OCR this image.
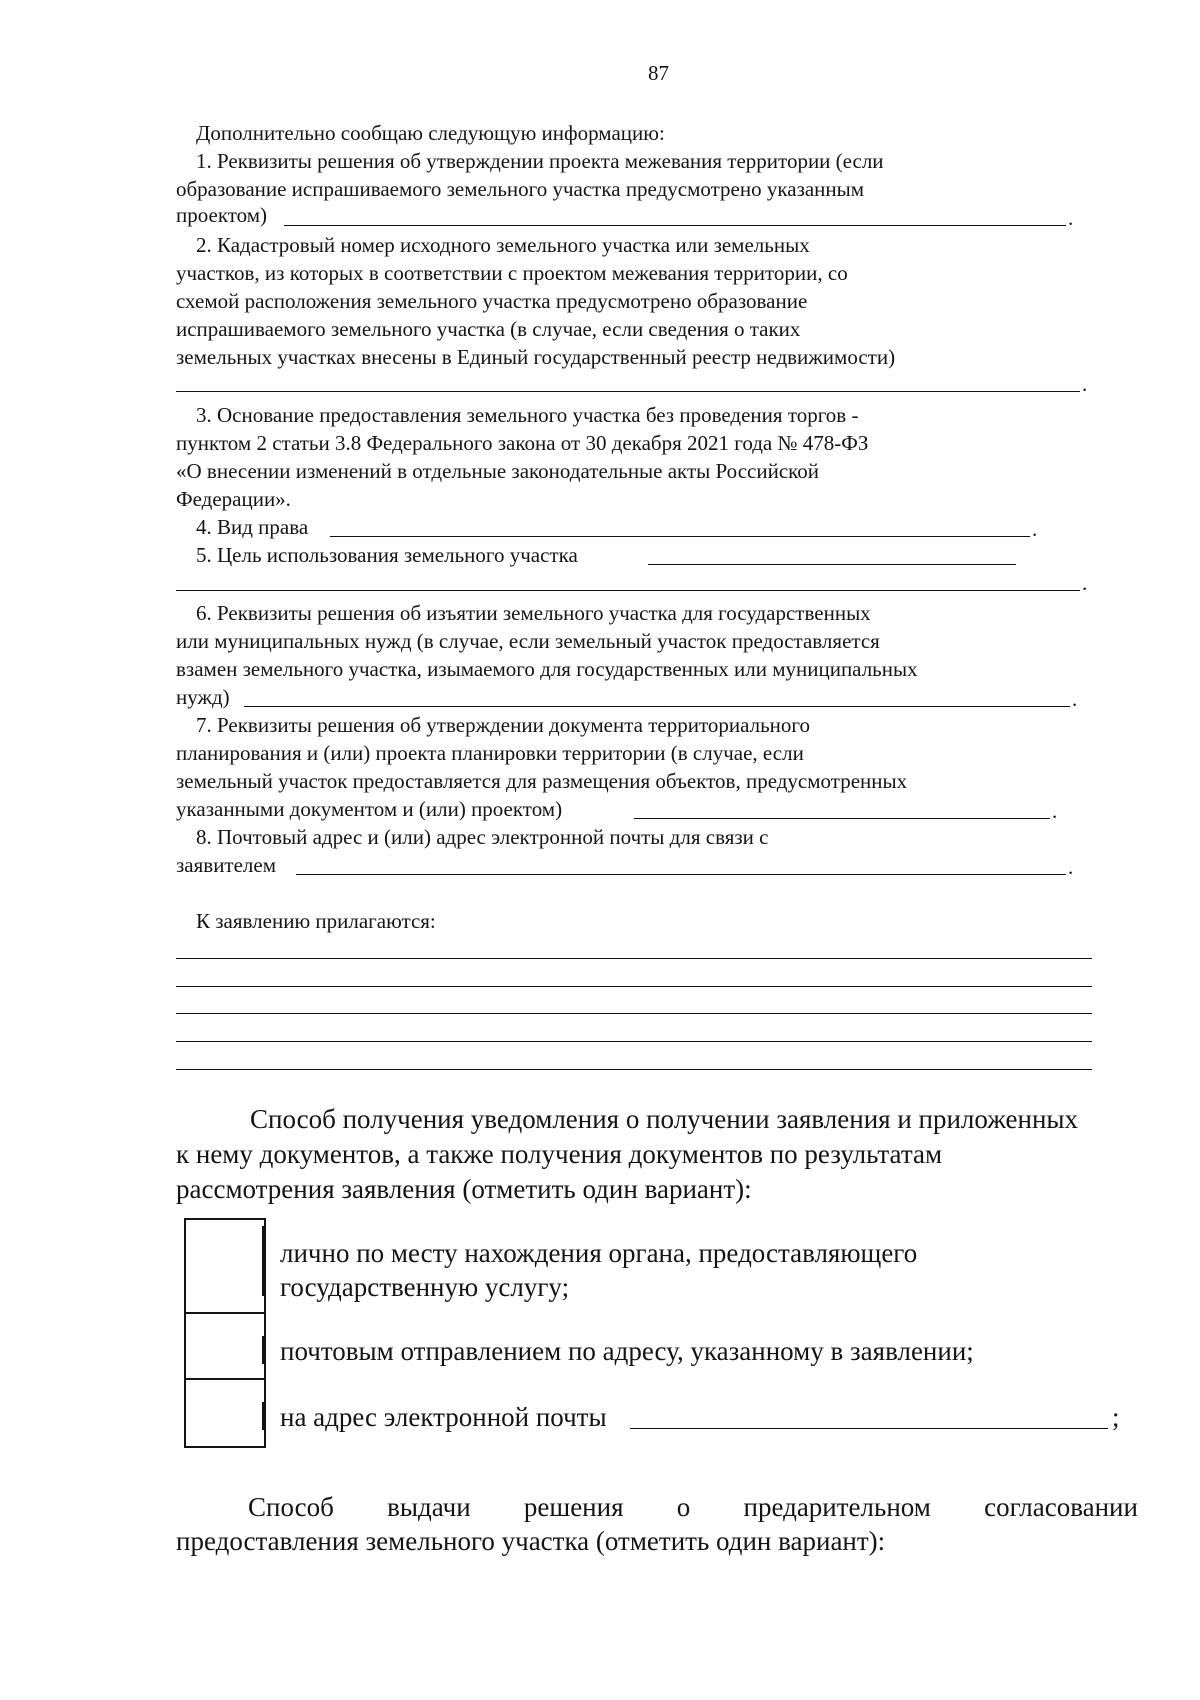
87
Дополнительно сообщаю следующую информацию:
1. Реквизиты решения об утверждении проекта межевания территории (если
образование испрашиваемого земельного участка предусмотрено указанным
проектом)	.
2. Кадастровый номер исходного земельного участка или земельных
участков, из которых в соответствии с проектом межевания территории, со
схемой расположения земельного участка предусмотрено образование
испрашиваемого земельного участка (в случае, если сведения о таких
земельных участках внесены в Единый государственный реестр недвижимости)
.
3. Основание предоставления земельного участка без проведения торгов -
пунктом 2 статьи 3.8 Федерального закона от 30 декабря 2021 года № 478-ФЗ
«О внесении изменений в отдельные законодательные акты Российской
Федерации».
4. Вид права	.
5. Цель использования земельного участка
.
6. Реквизиты решения об изъятии земельного участка для государственных
или муниципальных нужд (в случае, если земельный участок предоставляется
взамен земельного участка, изымаемого для государственных или муниципальных
нужд)	.
7. Реквизиты решения об утверждении документа территориального
планирования и (или) проекта планировки территории (в случае, если
земельный участок предоставляется для размещения объектов, предусмотренных
указанными документом и (или) проектом)	.
8. Почтовый адрес и (или) адрес электронной почты для связи с
заявителем	.
К заявлению прилагаются:
Способ получения уведомления о получении заявления и приложенных
к нему документов, а также получения документов по результатам
рассмотрения заявления (отметить один вариант):
лично по месту нахождения органа, предоставляющего
государственную услугу;
почтовым отправлением по адресу, указанному в заявлении;
на адрес электронной почты	;
Способ выдачи решения о предарительном согласовании
предоставления земельного участка (отметить один вариант):
